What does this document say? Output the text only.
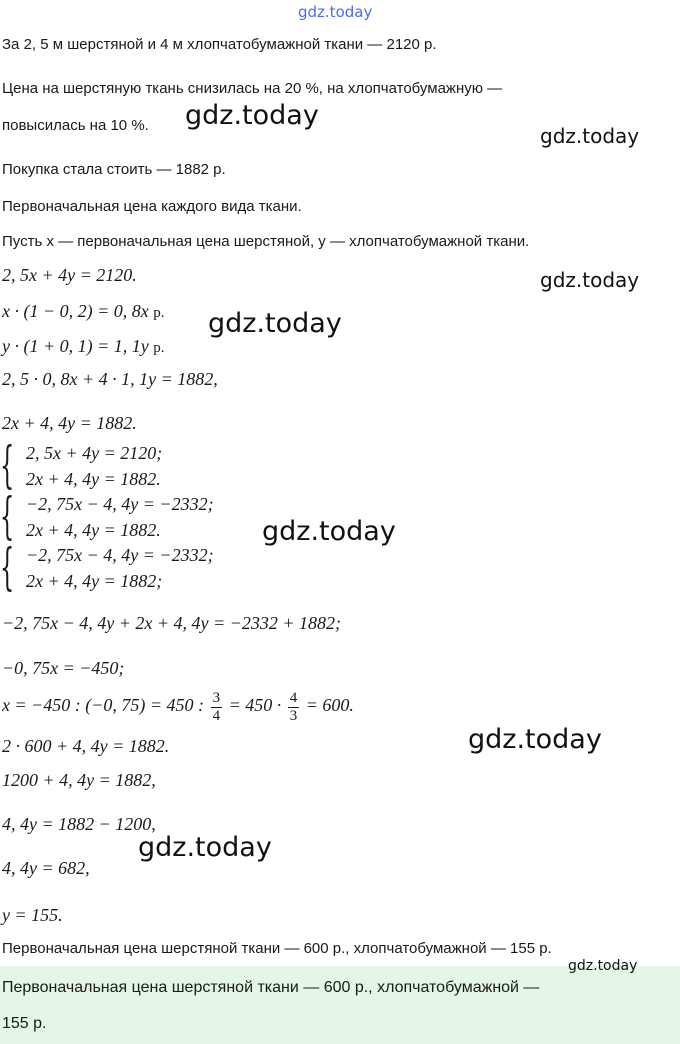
gdz.today
gdz.today
gdz.today
gdz.today
gdz.today
gdz.today
gdz.today
gdz.today
За 2, 5 м шерстяной и 4 м хлопчатобумажной ткани — 2120 р.
Цена на шерстяную ткань снизилась на 20 %, на хлопчатобумажную —
повысилась на 10 %.
Покупка стала стоить — 1882 р.
Первоначальная цена каждого вида ткани.
Пусть x — первоначальная цена шерстяной, y — хлопчатобумажной ткани.
2, 5x + 4y = 2120.
x · (1 − 0, 2) = 0, 8x р.
y · (1 + 0, 1) = 1, 1y р.
2, 5 · 0, 8x + 4 · 1, 1y = 1882,
2x + 4, 4y = 1882.
{ 2, 5x + 4y = 2120;
2x + 4, 4y = 1882.
{ −2, 75x − 4, 4y = −2332;
2x + 4, 4y = 1882.
{ −2, 75x − 4, 4y = −2332;
2x + 4, 4y = 1882;
−2, 75x − 4, 4y + 2x + 4, 4y = −2332 + 1882;
−0, 75x = −450;
x = −450 : (−0, 75) = 450 : $\frac{3}{4} = 450 \cdot \frac{4}{3} = 600$.
2 · 600 + 4, 4y = 1882.
1200 + 4, 4y = 1882,
4, 4y = 1882 − 1200,
4, 4y = 682,
y = 155.
Первоначальная цена шерстяной ткани — 600 р., хлопчатобумажной — 155 р.
gdz.today
Первоначальная цена шерстяной ткани — 600 р., хлопчатобумажной —
155 р.
